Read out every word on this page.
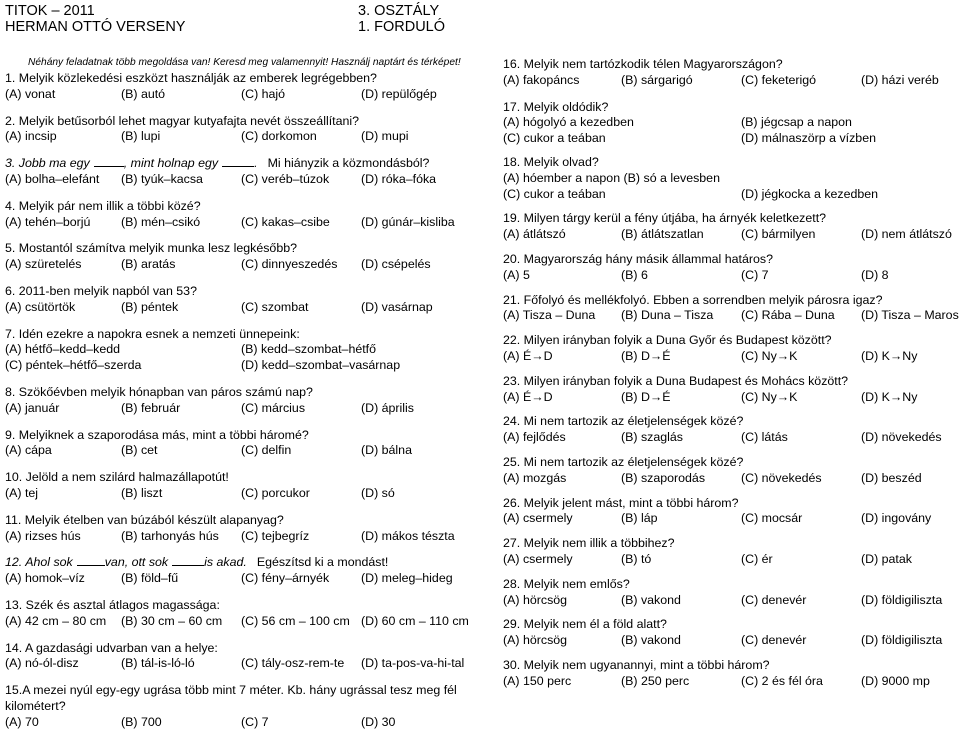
TITOK – 2011
HERMAN OTTÓ VERSENY
3. OSZTÁLY
1. FORDULÓ
Néhány feladatnak több megoldása van! Keresd meg valamennyit! Használj naptárt és térképet!
1. Melyik közlekedési eszközt használják az emberek legrégebben?
(A) vonat	(B) autó	(C) hajó	(D) repülőgép
2. Melyik betűsorból lehet magyar kutyafajta nevét összeállítani?
(A) incsip	(B) lupi	(C) dorkomon	(D) mupi
3. Jobb ma egy	, mint holnap egy	. Mi hiányzik a közmondásból?
(A) bolha–elefánt (B) tyúk–kacsa	(C) veréb–túzok	(D) róka–fóka
4. Melyik pár nem illik a többi közé?
(A) tehén–borjú (B) mén–csikó	(C) kakas–csibe	(D) gúnár–kisliba
5. Mostantól számítva melyik munka lesz legkésőbb?
(A) szüretelés	(B) aratás	(C) dinnyeszedés (D) csépelés
6. 2011-ben melyik napból van 53?
(A) csütörtök	(B) péntek	(C) szombat	(D) vasárnap
7. Idén ezekre a napokra esnek a nemzeti ünnepeink:
(A) hétfő–kedd–kedd	(B) kedd–szombat–hétfő
(C) péntek–hétfő–szerda	(D) kedd–szombat–vasárnap
8. Szökőévben melyik hónapban van páros számú nap?
(A) január	(B) február	(C) március	(D) április
9. Melyiknek a szaporodása más, mint a többi háromé?
(A) cápa	(B) cet	(C) delfin	(D) bálna
10. Jelöld a nem szilárd halmazállapotút!
(A) tej	(B) liszt	(C) porcukor	(D) só
11. Melyik ételben van búzából készült alapanyag?
(A) rizses hús	(B) tarhonyás hús (C) tejbegríz	(D) mákos tészta
12. Ahol sok	van, ott sok	is akad. Egészítsd ki a mondást!
(A) homok–víz	(B) föld–fű	(C) fény–árnyék	(D) meleg–hideg
13. Szék és asztal átlagos magassága:
(A) 42 cm – 80 cm (B) 30 cm – 60 cm (C) 56 cm – 100 cm (D) 60 cm – 110 cm
14. A gazdasági udvarban van a helye:
(A) nó-ól-disz	(B) tál-is-ló-ló	(C) tály-osz-rem-te (D) ta-pos-va-hi-tal
15.A mezei nyúl egy-egy ugrása több mint 7 méter. Kb. hány ugrással tesz meg fél kilométert?
(A) 70	(B) 700	(C) 7	(D) 30
16. Melyik nem tartózkodik télen Magyarországon?
(A) fakopáncs	(B) sárgarigó	(C) feketerigó	(D) házi veréb
17. Melyik oldódik?
(A) hógolyó a kezedben	(B) jégcsap a napon
(C) cukor a teában	(D) málnaszörp a vízben
18. Melyik olvad?
(A) hóember a napon (B) só a levesben
(C) cukor a teában	(D) jégkocka a kezedben
19. Milyen tárgy kerül a fény útjába, ha árnyék keletkezett?
(A) átlátszó	(B) átlátszatlan	(C) bármilyen	(D) nem átlátszó
20. Magyarország hány másik állammal határos?
(A) 5	(B) 6	(C) 7	(D) 8
21. Főfolyó és mellékfolyó. Ebben a sorrendben melyik párosra igaz?
(A) Tisza – Duna (B) Duna – Tisza (C) Rába – Duna (D) Tisza – Maros
22. Milyen irányban folyik a Duna Győr és Budapest között?
(A) É→D	(B) D→É	(C) Ny→K	(D) K→Ny
23. Milyen irányban folyik a Duna Budapest és Mohács között?
(A) É→D	(B) D→É	(C) Ny→K	(D) K→Ny
24. Mi nem tartozik az életjelenségek közé?
(A) fejlődés	(B) szaglás	(C) látás	(D) növekedés
25. Mi nem tartozik az életjelenségek közé?
(A) mozgás	(B) szaporodás	(C) növekedés	(D) beszéd
26. Melyik jelent mást, mint a többi három?
(A) csermely	(B) láp	(C) mocsár	(D) ingovány
27. Melyik nem illik a többihez?
(A) csermely	(B) tó	(C) ér	(D) patak
28. Melyik nem emlős?
(A) hörcsög	(B) vakond	(C) denevér	(D) földigiliszta
29. Melyik nem él a föld alatt?
(A) hörcsög	(B) vakond	(C) denevér	(D) földigiliszta
30. Melyik nem ugyanannyi, mint a többi három?
(A) 150 perc	(B) 250 perc	(C) 2 és fél óra	(D) 9000 mp
